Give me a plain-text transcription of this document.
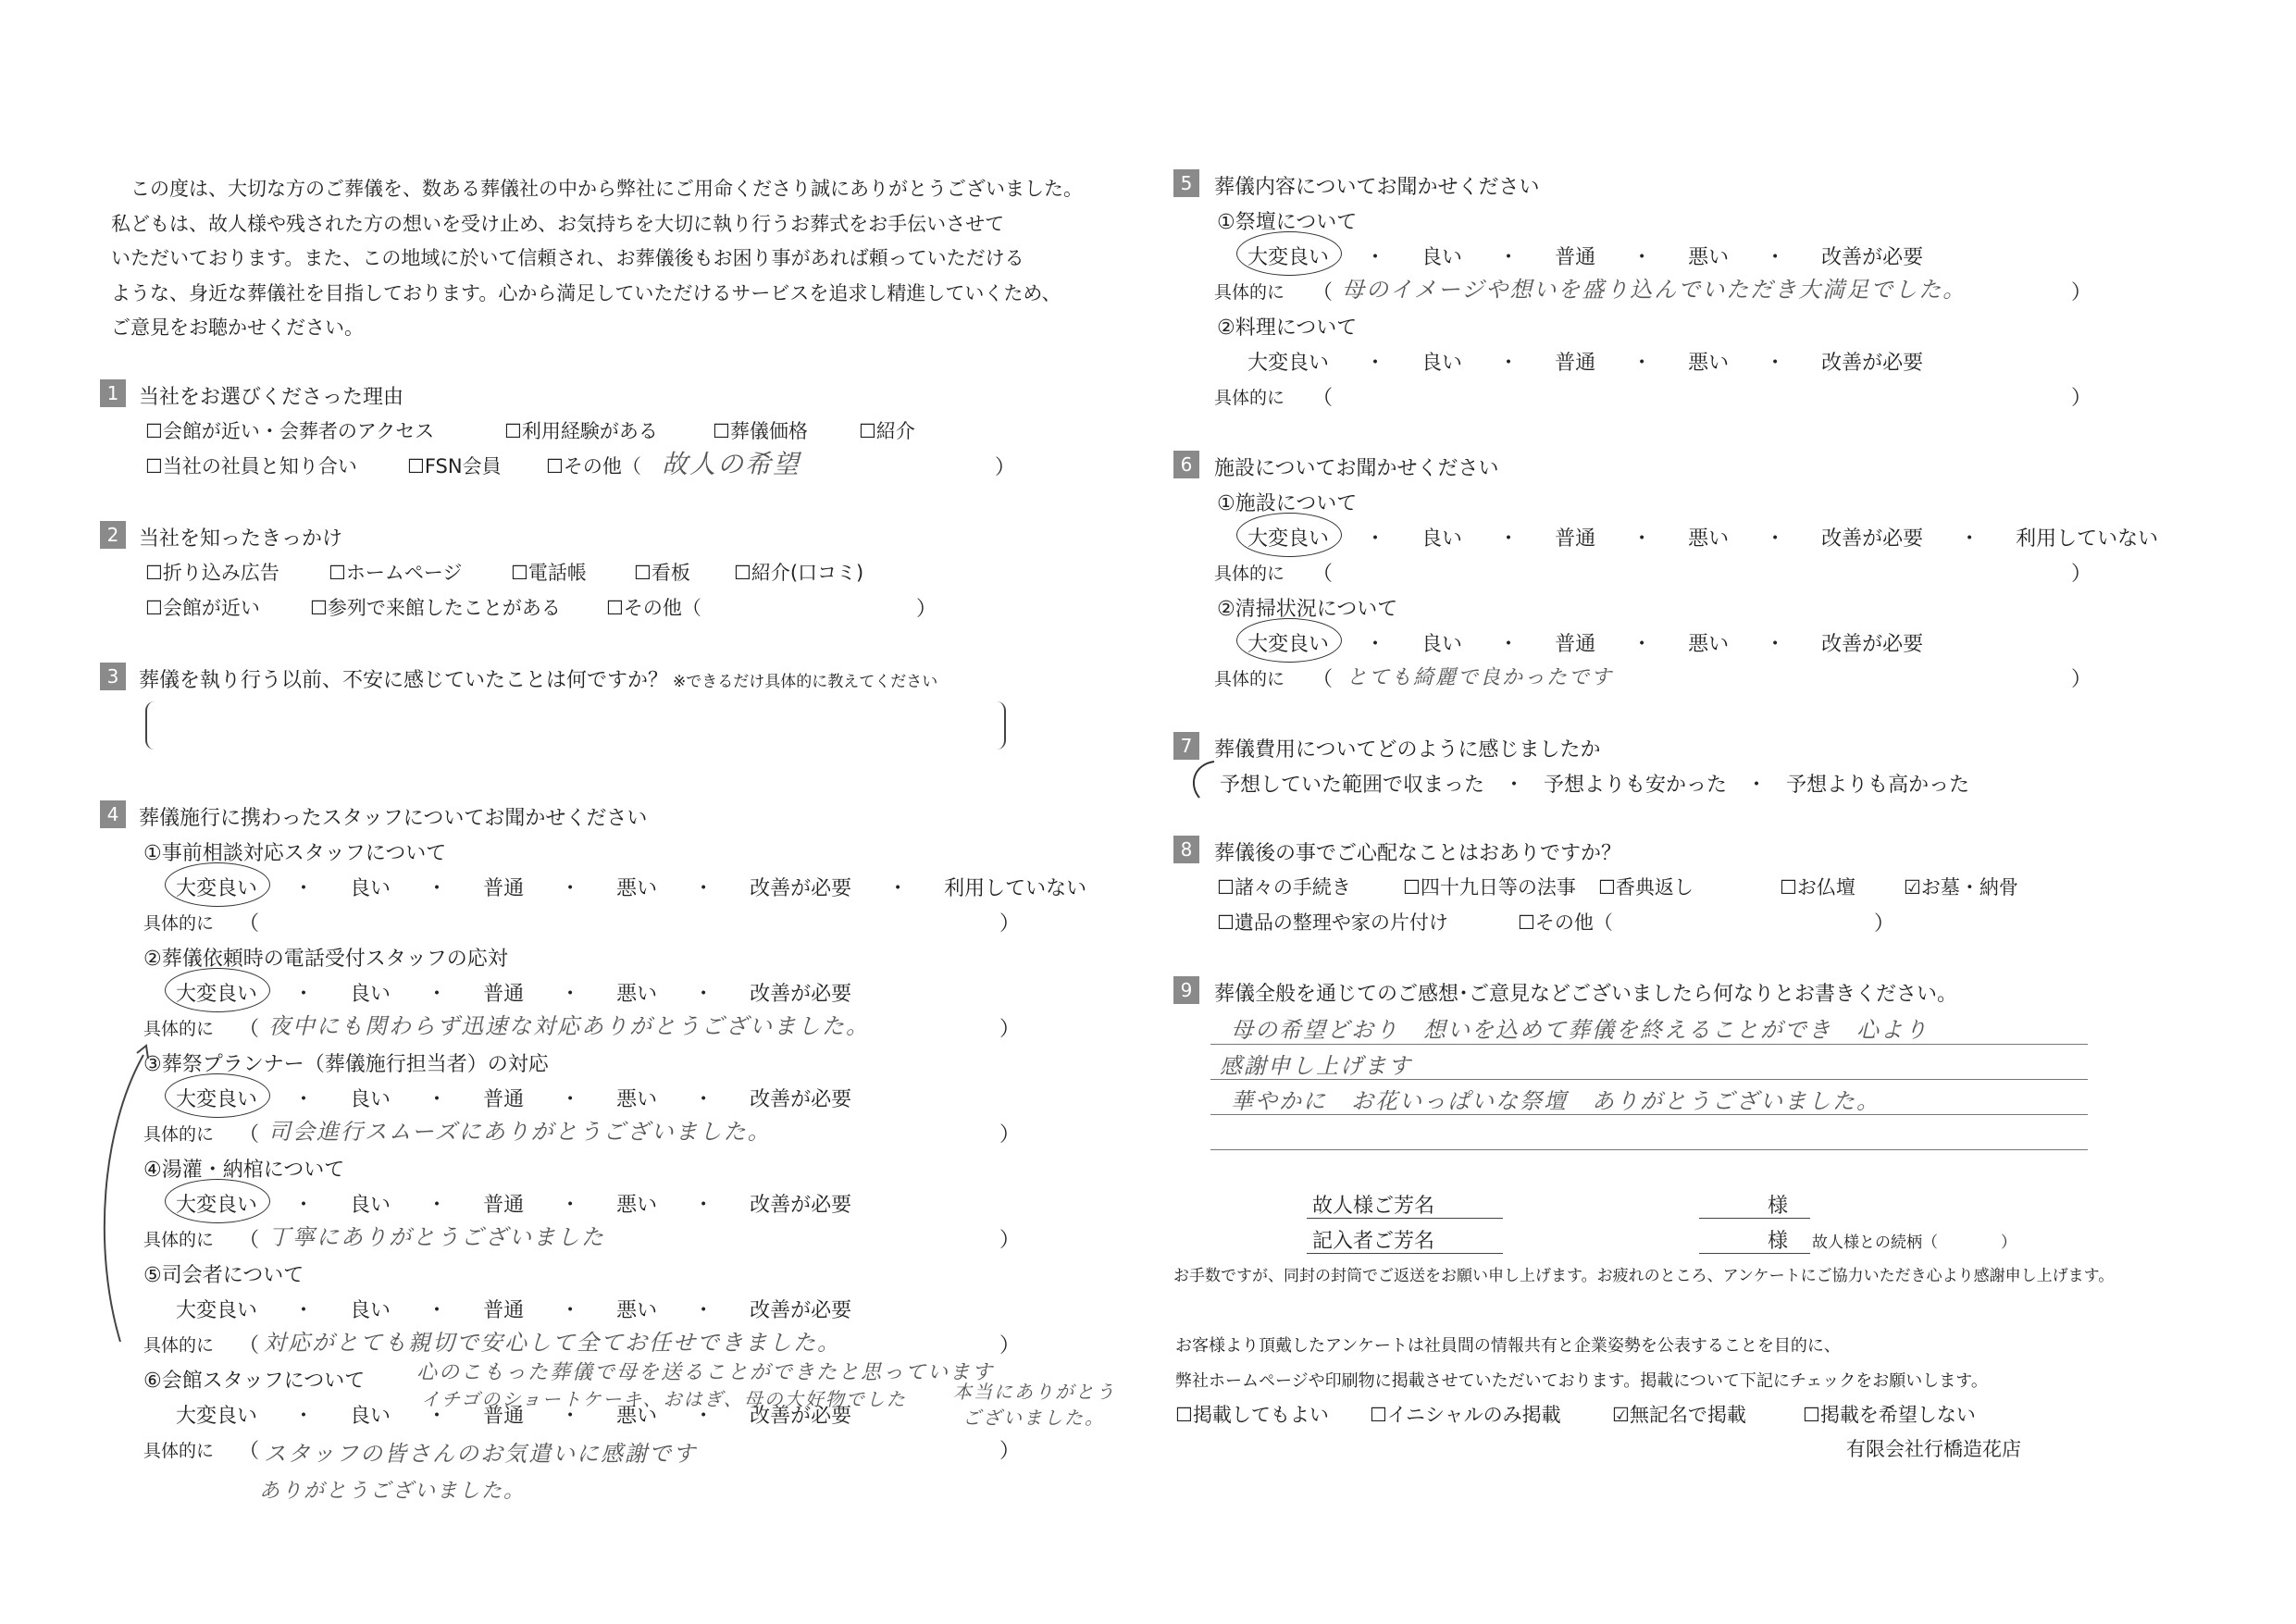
　この度は、大切な方のご葬儀を、数ある葬儀社の中から弊社にご用命くださり誠にありがとうございました。
私どもは、故人様や残された方の想いを受け止め、お気持ちを大切に執り行うお葬式をお手伝いさせて
いただいております。また、この地域に於いて信頼され、お葬儀後もお困り事があれば頼っていただける
ような、身近な葬儀社を目指しております。心から満足していただけるサービスを追求し精進していくため、
ご意見をお聴かせください。
1 当社をお選びくださった理由
☐会館が近い・会葬者のアクセス	☐利用経験がある	☐葬儀価格	☐紹介
☐当社の社員と知り合い	☐FSN会員 ☐その他（ 故人の希望	）
2 当社を知ったきっかけ
☐折り込み広告	☐ホームページ	☐電話帳 ☐看板 ☐紹介(口コミ)
☐会館が近い	☐参列で来館したことがある ☐その他（	）
3 葬儀を執り行う以前、不安に感じていたことは何ですか？ ※できるだけ具体的に教えてください
4 葬儀施行に携わったスタッフについてお聞かせください
①事前相談対応スタッフについて
大変良い ・ 良い ・ 普通 ・ 悪い ・ 改善が必要 ・ 利用していない
具体的に （	）
②葬儀依頼時の電話受付スタッフの応対
大変良い ・ 良い ・ 普通 ・ 悪い ・ 改善が必要
具体的に （ 夜中にも関わらず迅速な対応ありがとうございました。	）
③葬祭プランナー（葬儀施行担当者）の対応
大変良い ・ 良い ・ 普通 ・ 悪い ・ 改善が必要
具体的に （ 司会進行スムーズにありがとうございました。	）
④湯灌・納棺について
大変良い ・ 良い ・ 普通 ・ 悪い ・ 改善が必要
具体的に （ 丁寧にありがとうございました	）
⑤司会者について
大変良い ・ 良い ・ 普通 ・ 悪い ・ 改善が必要
具体的に （ 対応がとても親切で安心して全てお任せできました。	）
⑥会館スタッフについて	心のこもった葬儀で母を送ることができたと思っています
イチゴのショートケーキ、おはぎ、母の大好物でした	本当にありがとう
ございました。
大変良い ・ 良い ・ 普通 ・ 悪い ・ 改善が必要
具体的に （ スタッフの皆さんのお気遣いに感謝です	）
ありがとうございました。
5	葬儀内容についてお聞かせください
①祭壇について
大変良い ・ 良い ・ 普通 ・ 悪い ・ 改善が必要
具体的に （ 母のイメージや想いを盛り込んでいただき大満足でした。	）
②料理について
大変良い ・ 良い ・ 普通 ・ 悪い ・ 改善が必要
具体的に （	）
6	施設についてお聞かせください
①施設について
大変良い ・ 良い ・ 普通 ・ 悪い ・ 改善が必要 ・ 利用していない
具体的に （	）
②清掃状況について
大変良い ・ 良い ・ 普通 ・ 悪い ・ 改善が必要
具体的に （ とても綺麗で良かったです	）
7	葬儀費用についてどのように感じましたか
予想していた範囲で収まった ・ 予想よりも安かった ・ 予想よりも高かった
8	葬儀後の事でご心配なことはおありですか？
☐諸々の手続き	☐四十九日等の法事 ☐香典返し	☐お仏壇 ☑お墓・納骨
☐遺品の整理や家の片付け	☐その他（	）
9	葬儀全般を通じてのご感想･ご意見などございましたら何なりとお書きください。
母の希望どおり　想いを込めて葬儀を終えることができ　心より
感謝申し上げます
華やかに　お花いっぱいな祭壇　ありがとうございました。
故人様ご芳名	様
記入者ご芳名	様 故人様との続柄（　　　　）
お手数ですが、同封の封筒でご返送をお願い申し上げます。お疲れのところ、アンケートにご協力いただき心より感謝申し上げます。
お客様より頂戴したアンケートは社員間の情報共有と企業姿勢を公表することを目的に、
弊社ホームページや印刷物に掲載させていただいております。掲載について下記にチェックをお願いします。
☐掲載してもよい ☐イニシャルのみ掲載	☑無記名で掲載	☐掲載を希望しない
有限会社行橋造花店
